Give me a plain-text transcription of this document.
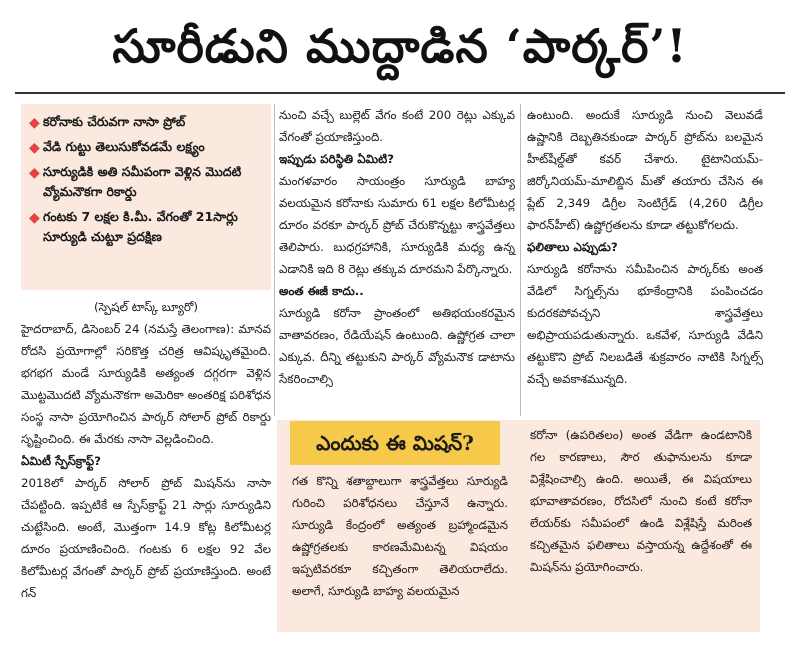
సూరీడుని ముద్దాడిన ‘పార్కర్’!
◆ కరోనాకు చేరువగా నాసా ప్రోబ్
◆ వేడి గుట్టు తెలుసుకోవడమే లక్ష్యం
◆ సూర్యుడికి అతి సమీపంగా వెళ్లిన మొదటి వ్యోమనౌకగా రికార్డు
◆ గంటకు 7 లక్షల కి.మీ. వేగంతో 21సార్లు సూర్యుడి చుట్టూ ప్రదక్షిణ

(స్పెషల్ టాస్క్ బ్యూరో)

హైదరాబాద్, డిసెంబర్ 24 (నమస్తే తెలంగాణ): మానవ రోదసి ప్రయోగాల్లో సరికొత్త చరిత్ర ఆవిష్కృతమైంది. భగభగ మండే సూర్యుడికి అత్యంత దగ్గరగా వెళ్లిన మొట్టమొదటి వ్యోమనౌకగా అమెరికా అంతరిక్ష పరిశోధన సంస్థ నాసా ప్రయోగించిన పార్కర్ సోలార్ ప్రోబ్ రికార్డు సృష్టించింది. ఈ మేరకు నాసా వెల్లడించింది.

ఏమిటీ స్పేస్‌క్రాఫ్ట్?

2018లో పార్కర్ సోలార్ ప్రోబ్ మిషన్‌ను నాసా చేపట్టింది. ఇప్పటికే ఆ స్పేస్‌క్రాఫ్ట్ 21 సార్లు సూర్యుడిని చుట్టేసింది. అంటే, మొత్తంగా 14.9 కోట్ల కిలోమీటర్ల దూరం ప్రయాణించింది. గంటకు 6 లక్షల 92 వేల కిలోమీటర్ల వేగంతో పార్కర్ ప్రోబ్ ప్రయాణిస్తుంది. అంటే గన్

నుంచి వచ్చే బుల్లెట్ వేగం కంటే 200 రెట్లు ఎక్కువ వేగంతో ప్రయాణిస్తుంది.

ఇప్పుడు పరిస్థితి ఏమిటి?

మంగళవారం సాయంత్రం సూర్యుడి బాహ్య వలయమైన కరోనాకు సుమారు 61 లక్షల కిలోమీటర్ల దూరం వరకూ పార్కర్ ప్రోబ్ చేరుకొన్నట్టు శాస్త్రవేత్తలు తెలిపారు. బుధగ్రహానికి, సూర్యుడికి మధ్య ఉన్న ఎడానికి ఇది 8 రెట్లు తక్కువ దూరమని పేర్కొన్నారు.

అంత ఈజీ కాదు..

సూర్యుడి కరోనా ప్రాంతంలో అతిభయంకరమైన వాతావరణం, రేడియేషన్ ఉంటుంది. ఉష్ణోగ్రత చాలా ఎక్కువ. దీన్ని తట్టుకుని పార్కర్ వ్యోమనౌక డాటాను సేకరించాల్సి

ఉంటుంది. అందుకే సూర్యుడి నుంచి వెలువడే ఉష్ణానికి దెబ్బతినకుండా పార్కర్ ప్రోబ్‌ను బలమైన హీట్‌షీల్డ్‌తో కవర్ చేశారు. టైటానియమ్-జిర్కోనియమ్-మాలిబ్డిన మ్‌తో తయారు చేసిన ఈ ప్లేట్ 2,349 డిగ్రీల సెంటిగ్రేడ్ (4,260 డిగ్రీల ఫారన్‌హీట్) ఉష్ణోగ్రతలను కూడా తట్టుకోగలదు.

ఫలితాలు ఎప్పుడు?

సూర్యుడి కరోనాను సమీపించిన పార్కర్‌కు అంత వేడిలో సిగ్నల్స్‌ను భూకేంద్రానికి పంపించడం కుదరకపోవచ్చని శాస్త్రవేత్తలు అభిప్రాయపడుతున్నారు. ఒకవేళ, సూర్యుడి వేడిని తట్టుకొని ప్రోబ్ నిలబడితే శుక్రవారం నాటికి సిగ్నల్స్ వచ్చే అవకాశమున్నది.

ఎందుకు ఈ మిషన్?
గత కొన్ని శతాబ్దాలుగా శాస్త్రవేత్తలు సూర్యుడి గురించి పరిశోధనలు చేస్తూనే ఉన్నారు. సూర్యుడి కేంద్రంలో అత్యంత బ్రహ్మాండమైన ఉష్ణోగ్రతలకు కారణమేమిటన్న విషయం ఇప్పటివరకూ కచ్చితంగా తెలియరాలేదు. అలాగే, సూర్యుడి బాహ్య వలయమైన
కరోనా (ఉపరితలం) అంత వేడిగా ఉండటానికి గల కారణాలు, సౌర తుఫానులను కూడా విశ్లేషించాల్సి ఉంది. అయితే, ఈ విషయాలు భూవాతావరణం, రోదసిలో నుంచి కంటే కరోనా లేయర్‌కు సమీపంలో ఉండి విశ్లేషిస్తే మరింత కచ్చితమైన ఫలితాలు వస్తాయన్న ఉద్దేశంతో ఈ మిషన్‌ను ప్రయోగించారు.
